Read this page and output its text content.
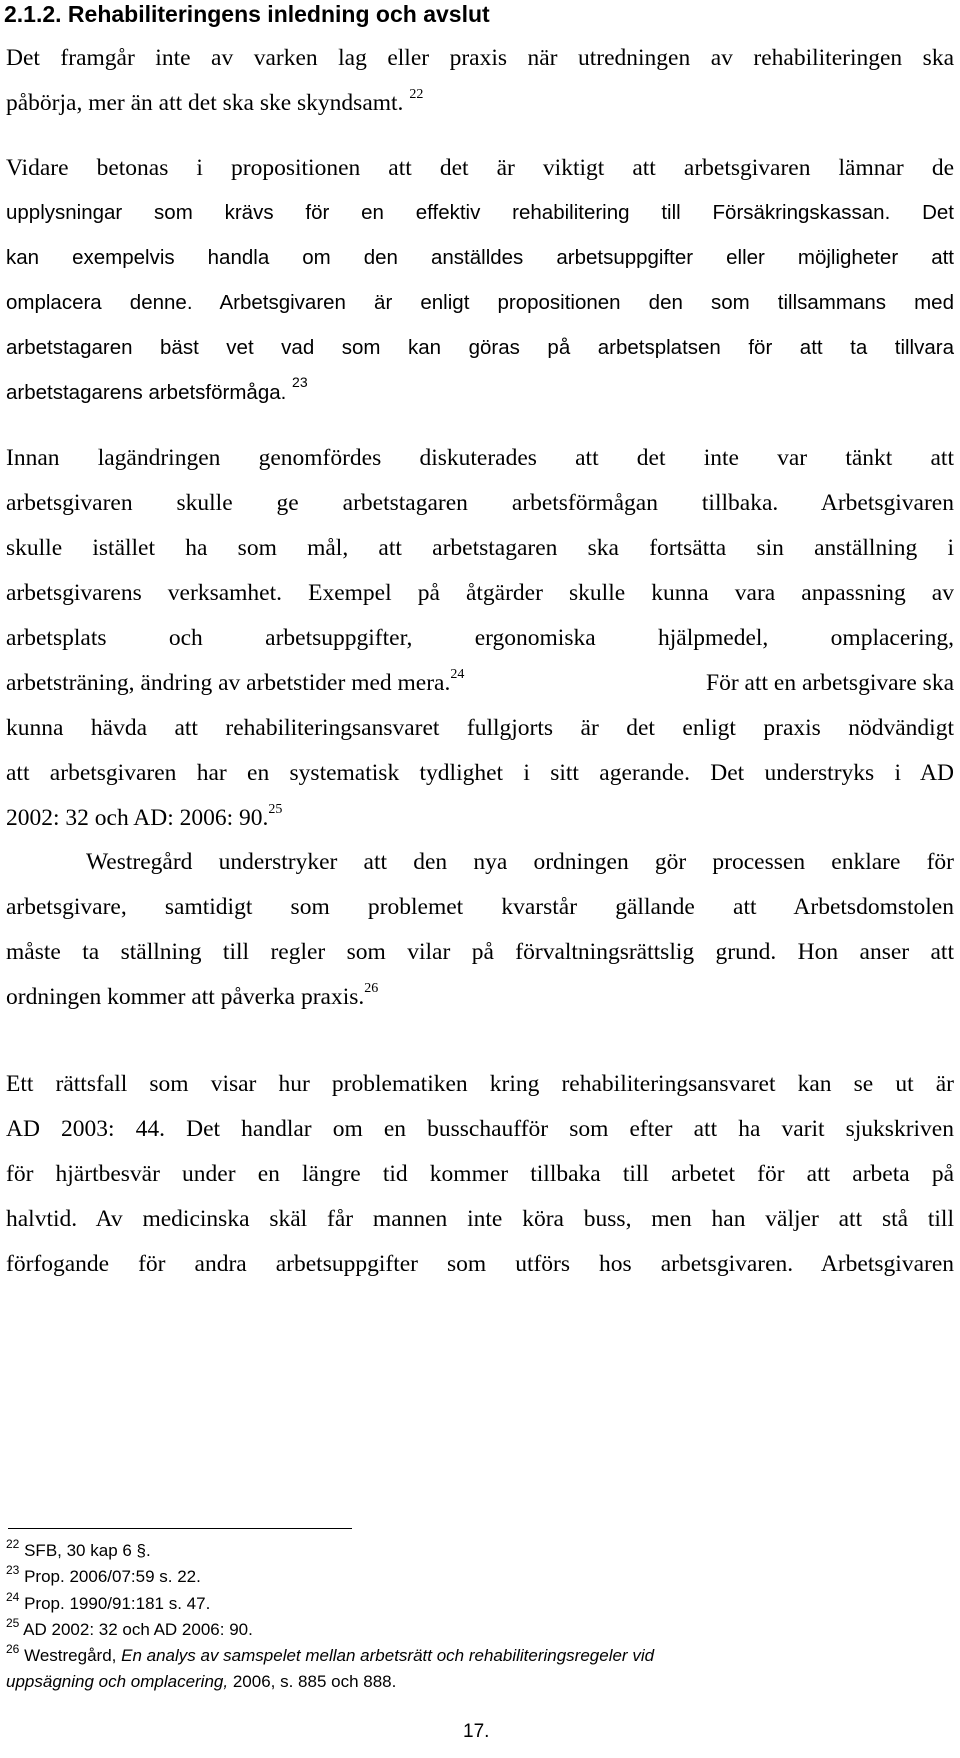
2.1.2. Rehabiliteringens inledning och avslut
Det framgår inte av varken lag eller praxis när utredningen av rehabiliteringen ska
påbörja, mer än att det ska ske skyndsamt. $^{22}$
Vidare betonas i propositionen att det är viktigt att arbetsgivaren lämnar de
upplysningar som krävs för en effektiv rehabilitering till Försäkringskassan. Det
kan exempelvis handla om den anställdes arbetsuppgifter eller möjligheter att
omplacera denne. Arbetsgivaren är enligt propositionen den som tillsammans med
arbetstagaren bäst vet vad som kan göras på arbetsplatsen för att ta tillvara
arbetstagarens arbetsförmåga. $^{23}$
Innan lagändringen genomfördes diskuterades att det inte var tänkt att
arbetsgivaren skulle ge arbetstagaren arbetsförmågan tillbaka. Arbetsgivaren
skulle istället ha som mål, att arbetstagaren ska fortsätta sin anställning i
arbetsgivarens verksamhet. Exempel på åtgärder skulle kunna vara anpassning av
arbetsplats och arbetsuppgifter, ergonomiska hjälpmedel, omplacering,
arbetsträning, ändring av arbetstider med mera.$^{24}$	För att en arbetsgivare ska
kunna hävda att rehabiliteringsansvaret fullgjorts är det enligt praxis nödvändigt
att arbetsgivaren har en systematisk tydlighet i sitt agerande. Det understryks i AD
2002: 32 och AD: 2006: 90.25
Westregård understryker att den nya ordningen gör processen enklare för
arbetsgivare, samtidigt som problemet kvarstår gällande att Arbetsdomstolen
måste ta ställning till regler som vilar på förvaltningsrättslig grund. Hon anser att
ordningen kommer att påverka praxis.$^{26}$
Ett rättsfall som visar hur problematiken kring rehabiliteringsansvaret kan se ut är
AD 2003: 44. Det handlar om en busschaufför som efter att ha varit sjukskriven
för hjärtbesvär under en längre tid kommer tillbaka till arbetet för att arbeta på
halvtid. Av medicinska skäl får mannen inte köra buss, men han väljer att stå till
förfogande för andra arbetsuppgifter som utförs hos arbetsgivaren. Arbetsgivaren
$^{22}$ SFB, 30 kap 6 §.
$^{23}$ Prop. 2006/07:59 s. 22.
$^{24}$ Prop. 1990/91:181 s. 47.
$^{25}$ AD 2002: 32 och AD 2006: 90.
$^{26}$ Westregård, En analys av samspelet mellan arbetsrätt och rehabiliteringsregeler vid
uppsägning och omplacering, 2006, s. 885 och 888.
17.
